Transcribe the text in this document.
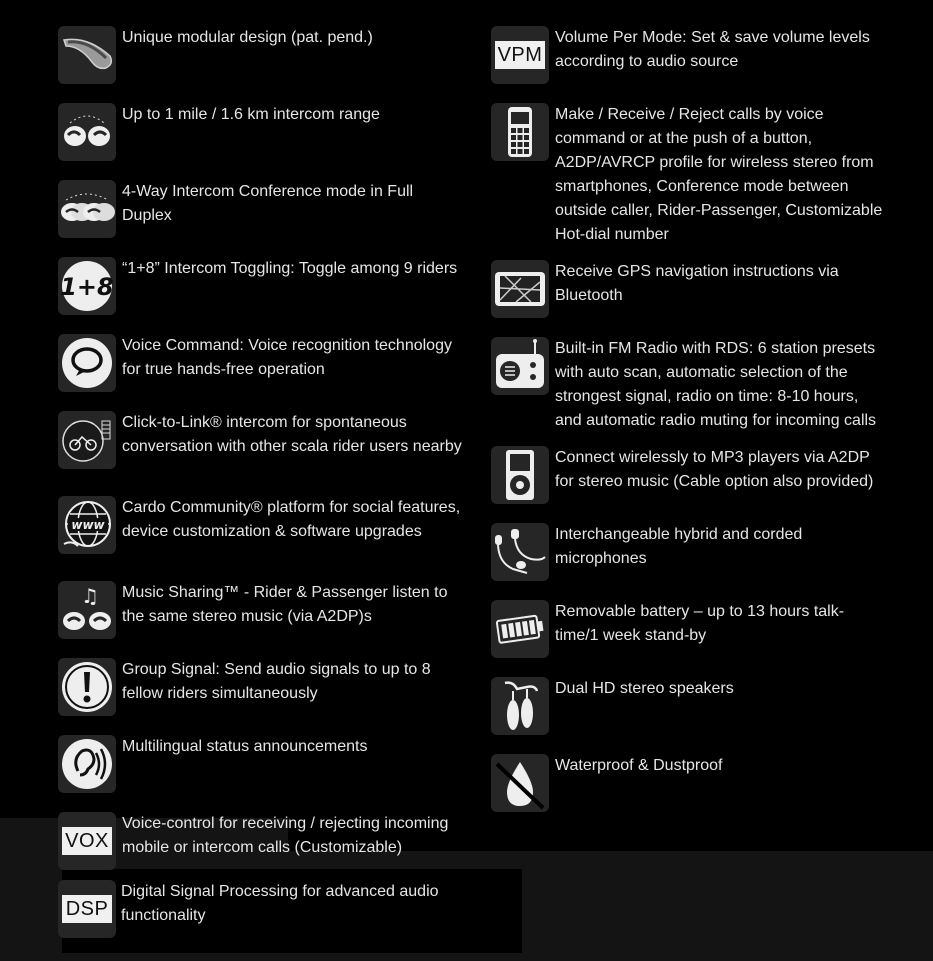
Unique modular design (pat. pend.)
Up to 1 mile / 1.6 km intercom range
4-Way Intercom Conference mode in Full Duplex
1+8
“1+8” Intercom Toggling: Toggle among 9 riders
Voice Command: Voice recognition technology for true hands-free operation
Click-to-Link® intercom for spontaneous conversation with other scala rider users nearby
www
Cardo Community® platform for social features, device customization & software upgrades
♫ Music Sharing™ - Rider & Passenger listen to the same stereo music (via A2DP)s
Group Signal: Send audio signals to up to 8 fellow riders simultaneously
Multilingual status announcements
VOX
Voice-control for receiving / rejecting incoming mobile or intercom calls (Customizable)
DSP
Digital Signal Processing for advanced audio functionality
VPM
Volume Per Mode: Set & save volume levels according to audio source
Make / Receive / Reject calls by voice command or at the push of a button, A2DP/AVRCP profile for wireless stereo from smartphones, Conference mode between outside caller, Rider-Passenger, Customizable Hot-dial number
Receive GPS navigation instructions via Bluetooth
Built-in FM Radio with RDS: 6 station presets with auto scan, automatic selection of the strongest signal, radio on time: 8-10 hours, and automatic radio muting for incoming calls
Connect wirelessly to MP3 players via A2DP for stereo music (Cable option also provided)
Interchangeable hybrid and corded microphones
Removable battery – up to 13 hours talk-time/1 week stand-by
Dual HD stereo speakers
Waterproof & Dustproof
